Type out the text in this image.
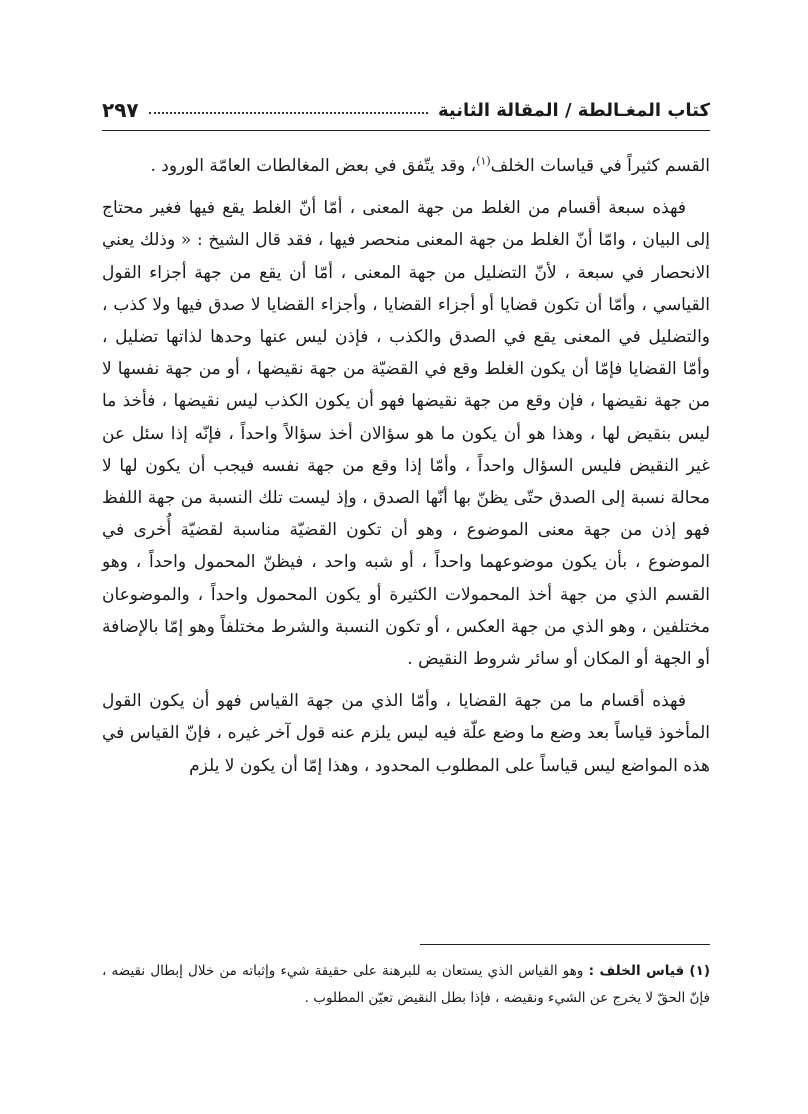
كتاب المغـالطة / المقالة الثانية
٢٩٧

القسم كثيراً في قياسات الخلف$^{(١)}$، وقد يتّفق في بعض المغالطات العامّة الورود .

فهذه سبعة أقسام من الغلط من جهة المعنى ، أمّا أنّ الغلط يقع فيها فغير محتاج إلى البيان ، وامّا أنّ الغلط من جهة المعنى منحصر فيها ، فقد قال الشيخ : « وذلك يعني الانحصار في سبعة ، لأنّ التضليل من جهة المعنى ، أمّا أن يقع من جهة أجزاء القول القياسي ، وأمّا أن تكون قضايا أو أجزاء القضايا ، وأجزاء القضايا لا صدق فيها ولا كذب ، والتضليل في المعنى يقع في الصدق والكذب ، فإذن ليس عنها وحدها لذاتها تضليل ، وأمّا القضايا فإمّا أن يكون الغلط وقع في القضيّة من جهة نقيضها ، أو من جهة نفسها لا من جهة نقيضها ، فإن وقع من جهة نقيضها فهو أن يكون الكذب ليس نقيضها ، فأخذ ما ليس بنقيض لها ، وهذا هو أن يكون ما هو سؤالان أخذ سؤالاً واحداً ، فإنّه إذا سئل عن غير النقيض فليس السؤال واحداً ، وأمّا إذا وقع من جهة نفسه فيجب أن يكون لها لا محالة نسبة إلى الصدق حتّى يظنّ بها أنّها الصدق ، وإذ ليست تلك النسبة من جهة اللفظ فهو إذن من جهة معنى الموضوع ، وهو أن تكون القضيّة مناسبة لقضيّة أُخرى في الموضوع ، بأن يكون موضوعهما واحداً ، أو شبه واحد ، فيظنّ المحمول واحداً ، وهو القسم الذي من جهة أخذ المحمولات الكثيرة أو يكون المحمول واحداً ، والموضوعان مختلفين ، وهو الذي من جهة العكس ، أو تكون النسبة والشرط مختلفاً وهو إمّا بالإضافة أو الجهة أو المكان أو سائر شروط النقيض .

فهذه أقسام ما من جهة القضايا ، وأمّا الذي من جهة القياس فهو أن يكون القول المأخوذ قياساً بعد وضع ما وضع علّة فيه ليس يلزم عنه قول آخر غيره ، فإنّ القياس في هذه المواضع ليس قياساً على المطلوب المحدود ، وهذا إمّا أن يكون لا يلزم

(١) قياس الخلف : وهو القياس الذي يستعان به للبرهنة على حقيقة شيء وإثباته من خلال إبطال نقيضه ، فإنّ الحقّ لا يخرج عن الشيء ونقيضه ، فإذا بطل النقيض تعيّن المطلوب .
